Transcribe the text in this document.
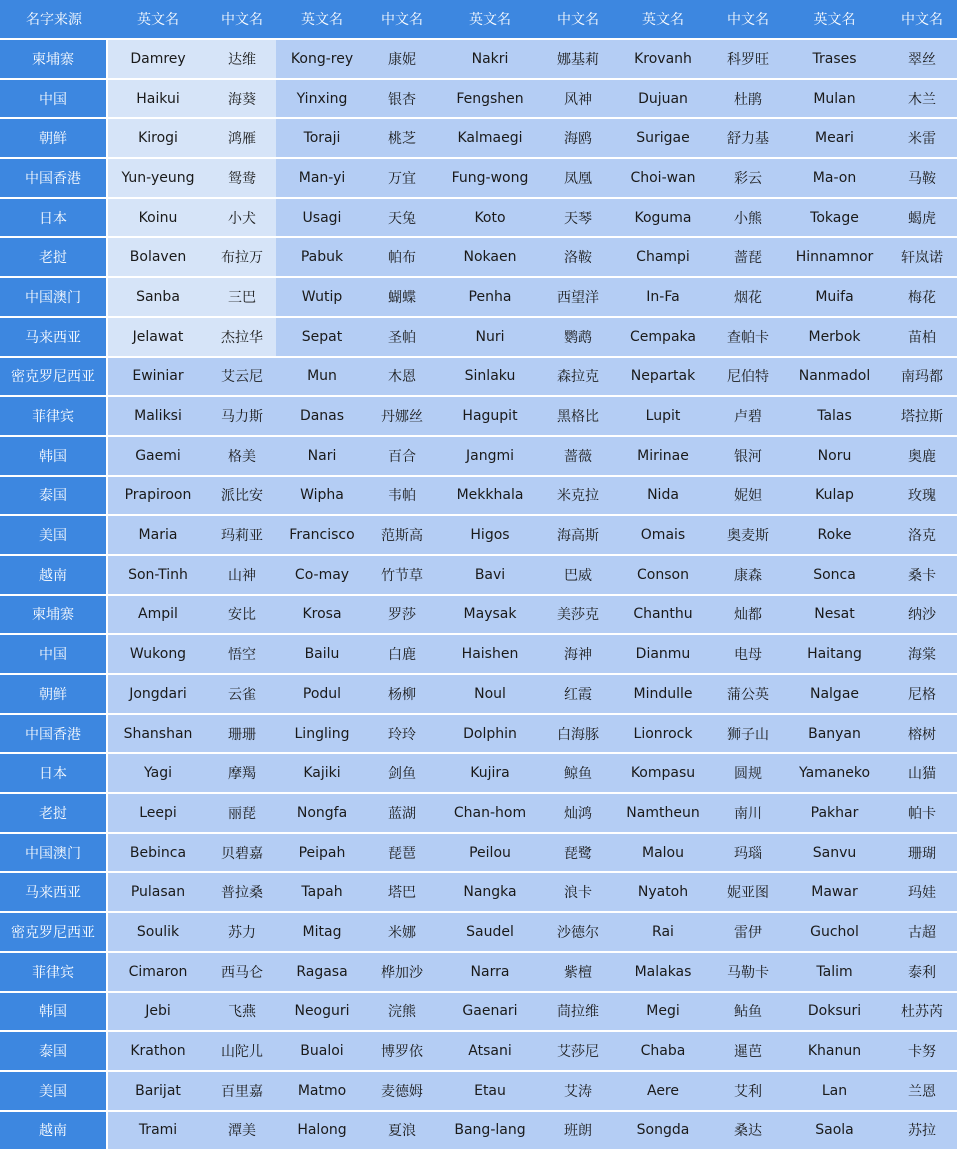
名字来源	英文名	中文名	英文名	中文名	英文名	中文名	英文名	中文名	英文名	中文名
柬埔寨	Damrey	达维	Kong-rey	康妮	Nakri	娜基莉	Krovanh	科罗旺	Trases	翠丝
中国	Haikui	海葵	Yinxing	银杏	Fengshen	风神	Dujuan	杜鹃	Mulan	木兰
朝鲜	Kirogi	鸿雁	Toraji	桃芝	Kalmaegi	海鸥	Surigae	舒力基	Meari	米雷
中国香港	Yun-yeung	鸳鸯	Man-yi	万宜	Fung-wong	凤凰	Choi-wan	彩云	Ma-on	马鞍
日本	Koinu	小犬	Usagi	天兔	Koto	天琴	Koguma	小熊	Tokage	蝎虎
老挝	Bolaven	布拉万	Pabuk	帕布	Nokaen	洛鞍	Champi	蔷琵	Hinnamnor	轩岚诺
中国澳门	Sanba	三巴	Wutip	蝴蝶	Penha	西望洋	In-Fa	烟花	Muifa	梅花
马来西亚	Jelawat	杰拉华	Sepat	圣帕	Nuri	鹦鹉	Cempaka	查帕卡	Merbok	苗柏
密克罗尼西亚	Ewiniar	艾云尼	Mun	木恩	Sinlaku	森拉克	Nepartak	尼伯特	Nanmadol	南玛都
菲律宾	Maliksi	马力斯	Danas	丹娜丝	Hagupit	黑格比	Lupit	卢碧	Talas	塔拉斯
韩国	Gaemi	格美	Nari	百合	Jangmi	蔷薇	Mirinae	银河	Noru	奥鹿
泰国	Prapiroon	派比安	Wipha	韦帕	Mekkhala	米克拉	Nida	妮妲	Kulap	玫瑰
美国	Maria	玛莉亚	Francisco	范斯高	Higos	海高斯	Omais	奥麦斯	Roke	洛克
越南	Son-Tinh	山神	Co-may	竹节草	Bavi	巴威	Conson	康森	Sonca	桑卡
柬埔寨	Ampil	安比	Krosa	罗莎	Maysak	美莎克	Chanthu	灿都	Nesat	纳沙
中国	Wukong	悟空	Bailu	白鹿	Haishen	海神	Dianmu	电母	Haitang	海棠
朝鲜	Jongdari	云雀	Podul	杨柳	Noul	红霞	Mindulle	蒲公英	Nalgae	尼格
中国香港	Shanshan	珊珊	Lingling	玲玲	Dolphin	白海豚	Lionrock	狮子山	Banyan	榕树
日本	Yagi	摩羯	Kajiki	剑鱼	Kujira	鲸鱼	Kompasu	圆规	Yamaneko	山猫
老挝	Leepi	丽琵	Nongfa	蓝湖	Chan-hom	灿鸿	Namtheun	南川	Pakhar	帕卡
中国澳门	Bebinca	贝碧嘉	Peipah	琵琶	Peilou	琵鹭	Malou	玛瑙	Sanvu	珊瑚
马来西亚	Pulasan	普拉桑	Tapah	塔巴	Nangka	浪卡	Nyatoh	妮亚图	Mawar	玛娃
密克罗尼西亚	Soulik	苏力	Mitag	米娜	Saudel	沙德尔	Rai	雷伊	Guchol	古超
菲律宾	Cimaron	西马仑	Ragasa	桦加沙	Narra	紫檀	Malakas	马勒卡	Talim	泰利
韩国	Jebi	飞燕	Neoguri	浣熊	Gaenari	茼拉维	Megi	鲇鱼	Doksuri	杜苏芮
泰国	Krathon	山陀儿	Bualoi	博罗依	Atsani	艾莎尼	Chaba	暹芭	Khanun	卡努
美国	Barijat	百里嘉	Matmo	麦德姆	Etau	艾涛	Aere	艾利	Lan	兰恩
越南	Trami	潭美	Halong	夏浪	Bang-lang	班朗	Songda	桑达	Saola	苏拉
